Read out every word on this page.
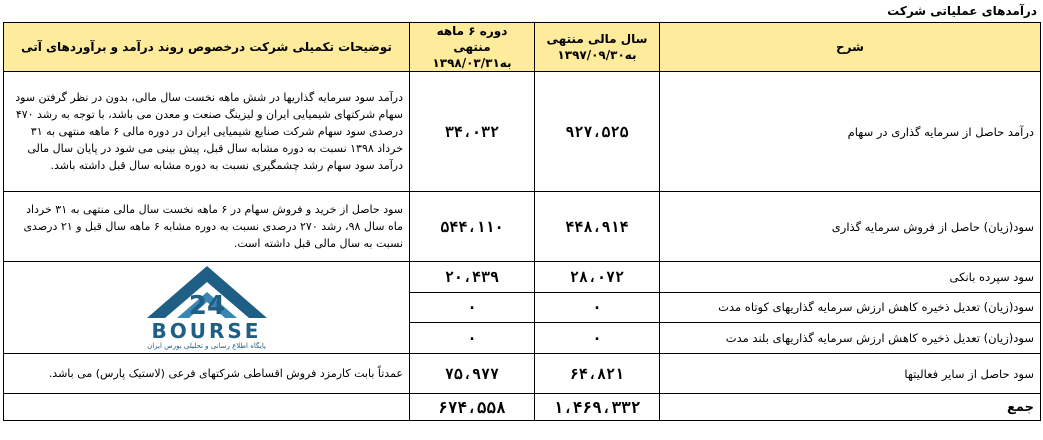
درآمدهای عملیاتی شرکت
شرح	سال مالی منتهی به۱۳۹۷/۰۹/۳۰	دوره ۶ ماهه منتهی به۱۳۹۸/۰۳/۳۱	توضیحات تکمیلی شرکت درخصوص روند درآمد و برآوردهای آتی
درآمد حاصل از سرمایه گذاری در سهام	۹۲۷،۵۲۵	۳۴،۰۳۲	درآمد سود سرمایه گذاریها در شش ماهه نخست سال مالی، بدون در نظر گرفتن سود سهام شرکتهای شیمیایی ایران و لیزینگ صنعت و معدن می باشد، با توجه به رشد ۴۷۰ درصدی سود سهام شرکت صنایع شیمیایی ایران در دوره مالی ۶ ماهه منتهی به ۳۱ خرداد ۱۳۹۸ نسبت به دوره مشابه سال قبل، پیش بینی می شود در پایان سال مالی درآمد سود سهام رشد چشمگیری نسبت به دوره مشابه سال قبل داشته باشد.
سود(زیان) حاصل از فروش سرمایه گذاری	۴۴۸،۹۱۴	۵۴۴،۱۱۰	سود حاصل از خرید و فروش سهام در ۶ ماهه نخست سال مالی منتهی به ۳۱ خرداد ماه سال ۹۸، رشد ۲۷۰ درصدی نسبت به دوره مشابه ۶ ماهه سال قبل و ۲۱ درصدی نسبت به سال مالی قبل داشته است.
سود سپرده بانکی	۲۸،۰۷۲	۲۰،۴۳۹	24
BOURSE
پایگاه اطلاع رسانی و تحلیلی بورس ایران

سود(زیان) تعدیل ذخیره کاهش ارزش سرمایه گذاریهای کوتاه مدت	۰	۰	
سود(زیان) تعدیل ذخیره کاهش ارزش سرمایه گذاریهای بلند مدت	۰	۰	
سود حاصل از سایر فعالیتها	۶۴،۸۲۱	۷۵،۹۷۷	عمدتاً بابت کارمزد فروش اقساطی شرکتهای فرعی (لاستیک پارس) می باشد.
جمع	۱،۴۶۹،۳۳۲	۶۷۴،۵۵۸	
